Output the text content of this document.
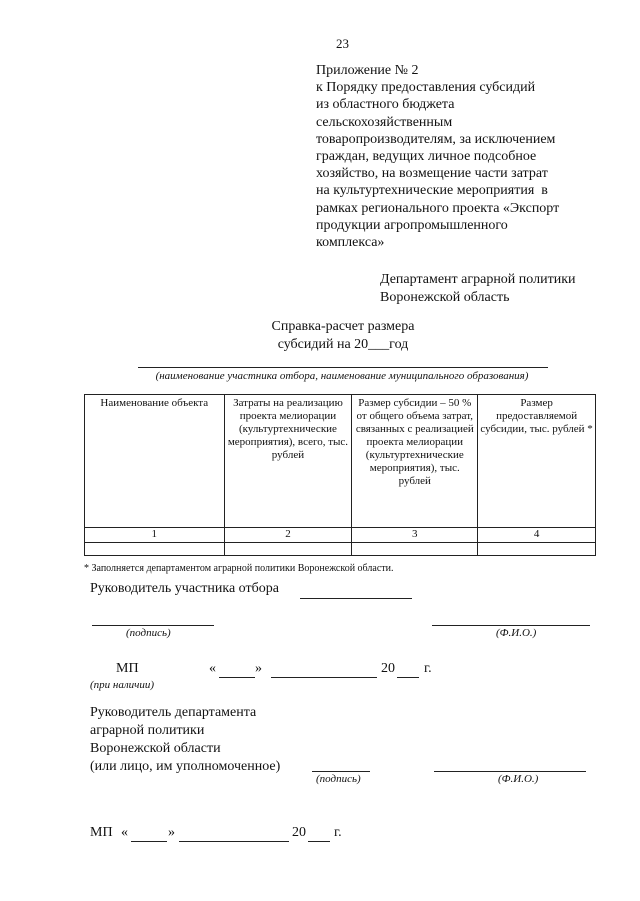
23
Приложение № 2
к Порядку предоставления субсидий
из областного бюджета
сельскохозяйственным
товаропроизводителям, за исключением
граждан, ведущих личное подсобное
хозяйство, на возмещение части затрат
на культуртехнические мероприятия  в
рамках регионального проекта «Экспорт
продукции агропромышленного
комплекса»
Департамент аграрной политики
Воронежской область
Справка-расчет размера
субсидий на 20___год
(наименование участника отбора, наименование муниципального образования)
Наименование объекта	Затраты на реализацию проекта мелиорации (культуртехнические мероприятия), всего, тыс. рублей	Размер субсидии – 50 % от общего объема затрат, связанных с реализацией проекта мелиорации (культуртехнические мероприятия), тыс. рублей	Размер предоставляемой субсидии, тыс. рублей *
1	2	3	4

* Заполняется департаментом аграрной политики Воронежской области.
Руководитель участника отбора
(подпись)	(Ф.И.О.)
МП	«	»	20 г.
(при наличии)
Руководитель департамента
аграрной политики
Воронежской области
(или лицо, им уполномоченное)
(подпись)	(Ф.И.О.)
МП «	»	20 г.
